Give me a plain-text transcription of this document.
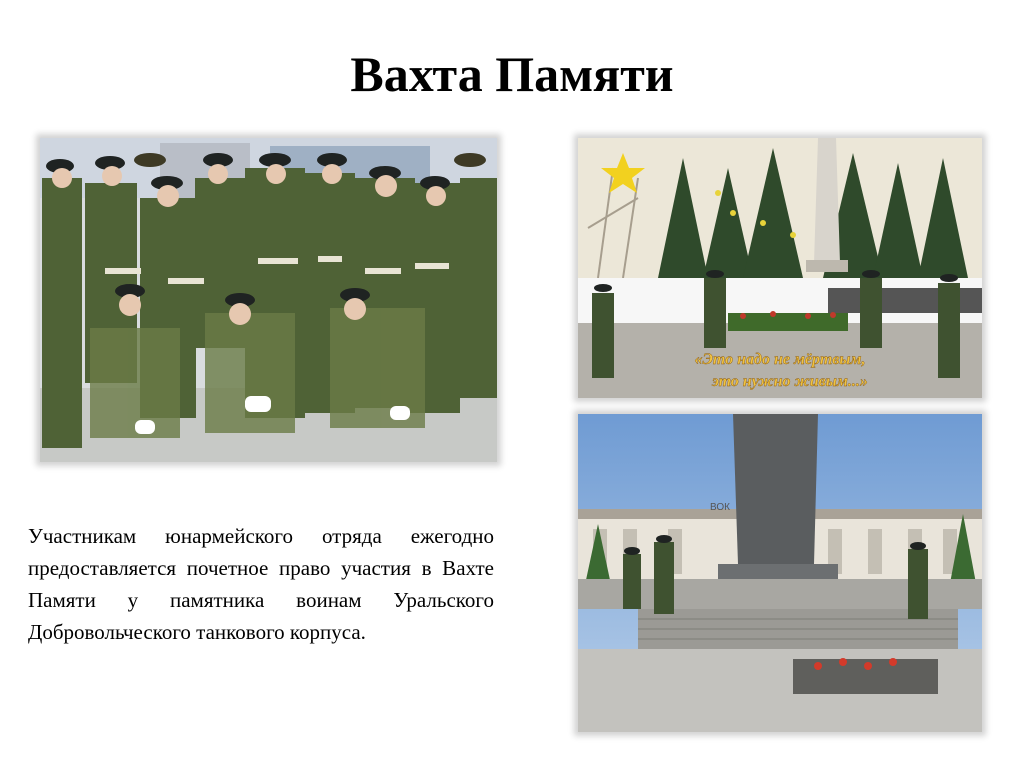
Вахта Памяти
«Это надо не мёртвым,
это нужно живым...»
ВОК

Участникам юнармейского отряда ежегодно предоставляется почетное право участия в Вахте Памяти у памятника воинам Уральского Добровольческого танкового корпуса.
